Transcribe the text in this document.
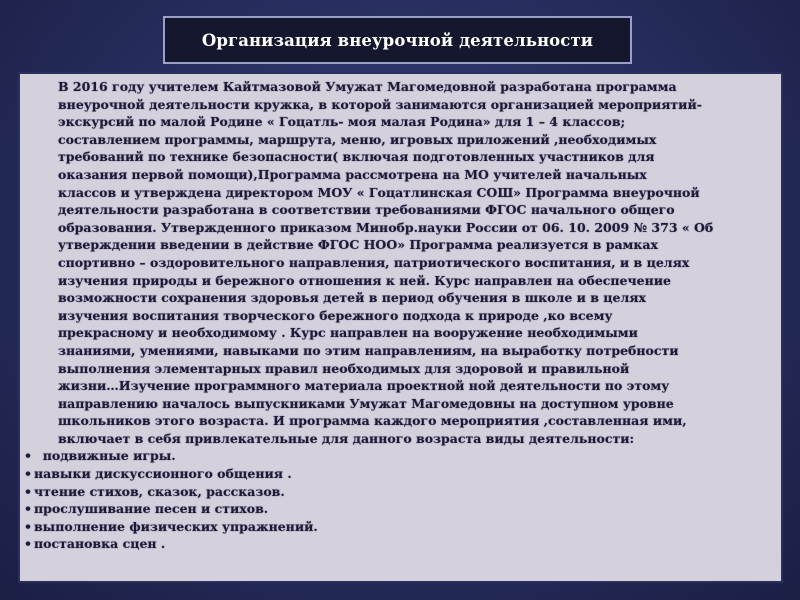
Организация внеурочной деятельности
В 2016 году учителем Кайтмазовой Умужат Магомедовной разработана программа
внеурочной деятельности кружка, в которой занимаются организацией мероприятий-
экскурсий по малой Родине « Гоцатль- моя малая Родина» для 1 – 4 классов;
составлением программы, маршрута, меню, игровых приложений ,необходимых
требований по технике безопасности( включая подготовленных участников для
оказания первой помощи),Программа рассмотрена на МО учителей начальных
классов и утверждена директором МОУ « Гоцатлинская СОШ» Программа внеурочной
деятельности разработана в соответствии требованиями ФГОС начального общего
образования. Утвержденного приказом Минобр.науки России от 06. 10. 2009 № 373 « Об
утверждении введении в действие ФГОС НОО» Программа реализуется в рамках
спортивно – оздоровительного направления, патриотического воспитания, и в целях
изучения природы и бережного отношения к ней. Курс направлен на обеспечение
возможности сохранения здоровья детей в период обучения в школе и в целях
изучения воспитания творческого бережного подхода к природе ,ко всему
прекрасному и необходимому . Курс направлен на вооружение необходимыми
знаниями, умениями, навыками по этим направлениям, на выработку потребности
выполнения элементарных правил необходимых для здоровой и правильной
жизни…Изучение программного материала проектной ной деятельности по этому
направлению началось выпускниками Умужат Магомедовны на доступном уровне
школьников этого возраста. И программа каждого мероприятия ,составленная ими,
включает в себя привлекательные для данного возраста виды деятельности:
• подвижные игры.
• навыки дискуссионного общения .
• чтение стихов, сказок, рассказов.
• прослушивание песен и стихов.
• выполнение физических упражнений.
• постановка сцен .
